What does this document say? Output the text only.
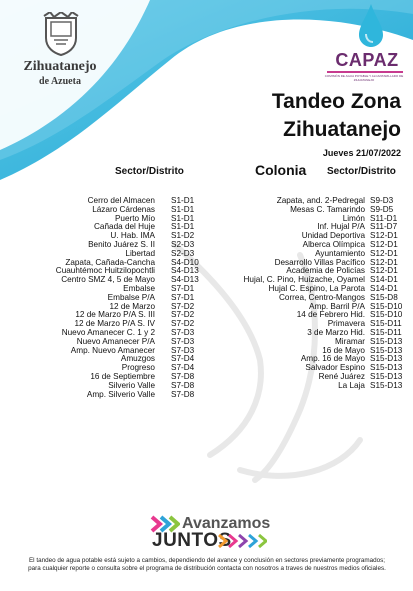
Zihuatanejo
de Azueta
CAPAZ
COMISIÓN DE AGUA POTABLE Y ALCANTARILLADO DE ZIHUATANEJO
Tandeo Zona
Zihuatanejo
Jueves 21/07/2022
Sector/Distrito	Colonia Sector/Distrito
Cerro del Almacen
Lázaro Cárdenas
Puerto Mío
Cañada del Huje
U. Hab. IMA
Benito Juárez S. II
Libertad
Zapata, Cañada-Cancha
Cuauhtémoc Huitzilopochtli
Centro SMZ 4, 5 de Mayo
Embalse
Embalse P/A
12 de Marzo
12 de Marzo P/A S. III
12 de Marzo P/A S. IV
Nuevo Amanecer C. 1 y 2
Nuevo Amanecer P/A
Amp. Nuevo Amanecer
Amuzgos
Progreso
16 de Septiembre
Silverio Valle
Amp. Silverio Valle
S1-D1
S1-D1
S1-D1
S1-D1
S1-D2
S2-D3
S2-D3
S4-D10
S4-D13
S4-D13
S7-D1
S7-D1
S7-D2
S7-D2
S7-D2
S7-D3
S7-D3
S7-D3
S7-D4
S7-D4
S7-D8
S7-D8
S7-D8
Zapata, and. 2-Pedregal
Mesas C. Tamarindo
Limón
Inf. Hujal P/A
Unidad Deportiva
Alberca Olímpica
Ayuntamiento
Desarrollo Villas Pacífico
Academia de Policías
Hujal, C. Pino, Huizache, Oyamel
Hujal C. Espino, La Parota
Correa, Centro-Mangos
Amp. Barril P/A
14 de Febrero Hid.
Primavera
3 de Marzo Hid.
Miramar
16 de Mayo
Amp. 16 de Mayo
Salvador Espino
René Juárez
La Laja
S9-D3
S9-D5
S11-D1
S11-D7
S12-D1
S12-D1
S12-D1
S12-D1
S12-D1
S14-D1
S14-D1
S15-D8
S15-D10
S15-D10
S15-D11
S15-D11
S15-D13
S15-D13
S15-D13
S15-D13
S15-D13
S15-D13
Avanzamos
JUNTOS
El tandeo de agua potable está sujeto a cambios, dependiendo del avance y conclusión en sectores previamente programados; para cualquier reporte o consulta sobre el programa de distribución contacta con nosotros a traves de nuestros medios oficiales.
